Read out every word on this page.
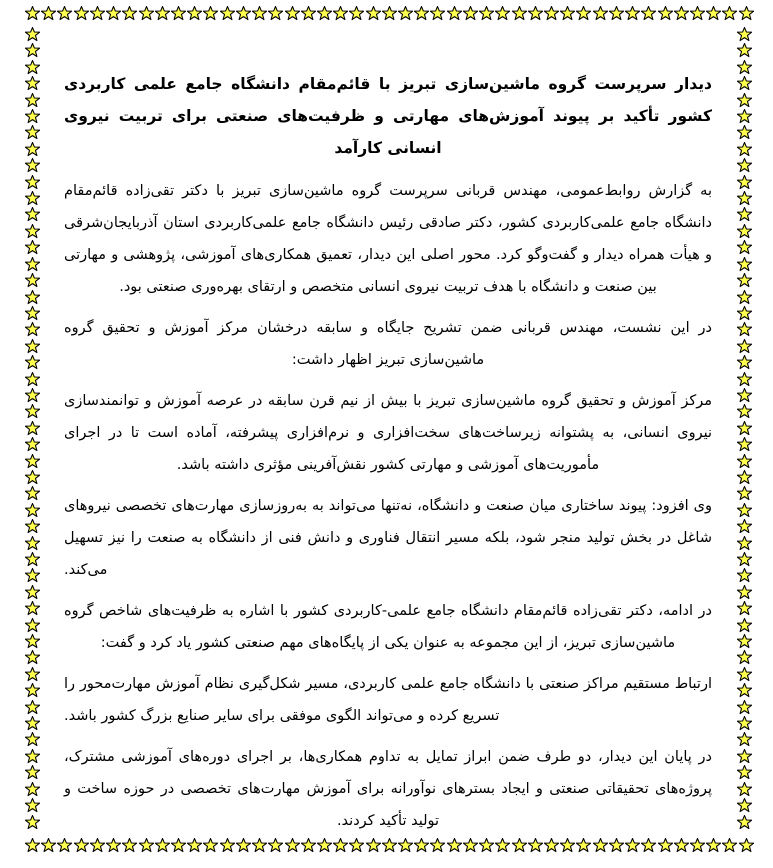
دیدار سرپرست گروه ماشین‌سازی تبریز با قائم‌مقام دانشگاه جامع علمی کاربردی کشور تأکید بر پیوند آموزش‌های مهارتی و ظرفیت‌های صنعتی برای تربیت نیروی انسانی کارآمد

به گزارش روابط‌عمومی، مهندس قربانی سرپرست گروه ماشین‌سازی تبریز با دکتر تقی‌زاده قائم‌مقام دانشگاه جامع علمی‌کاربردی کشور، دکتر صادقی رئیس دانشگاه جامع علمی‌کاربردی استان آذربایجان‌شرقی و هیأت همراه دیدار و گفت‌وگو کرد. محور اصلی این دیدار، تعمیق همکاری‌های آموزشی، پژوهشی و مهارتی بین صنعت و دانشگاه با هدف تربیت نیروی انسانی متخصص و ارتقای بهره‌وری صنعتی بود.

در این نشست، مهندس قربانی ضمن تشریح جایگاه و سابقه درخشان مرکز آموزش و تحقیق گروه ماشین‌سازی تبریز اظهار داشت:

مرکز آموزش و تحقیق گروه ماشین‌سازی تبریز با بیش از نیم قرن سابقه در عرصه آموزش و توانمندسازی نیروی انسانی، به پشتوانه زیرساخت‌های سخت‌افزاری و نرم‌افزاری پیشرفته، آماده است تا در اجرای مأموریت‌های آموزشی و مهارتی کشور نقش‌آفرینی مؤثری داشته باشد.

وی افزود: پیوند ساختاری میان صنعت و دانشگاه، نه‌تنها می‌تواند به به‌روزسازی مهارت‌های تخصصی نیروهای شاغل در بخش تولید منجر شود، بلکه مسیر انتقال فناوری و دانش فنی از دانشگاه به صنعت را نیز تسهیل می‌کند.

در ادامه، دکتر تقی‌زاده قائم‌مقام دانشگاه جامع علمی-کاربردی کشور با اشاره به ظرفیت‌های شاخص گروه ماشین‌سازی تبریز، از این مجموعه به عنوان یکی از پایگاه‌های مهم صنعتی کشور یاد کرد و گفت:

ارتباط مستقیم مراکز صنعتی با دانشگاه جامع علمی کاربردی، مسیر شکل‌گیری نظام آموزش مهارت‌محور را تسریع کرده و می‌تواند الگوی موفقی برای سایر صنایع بزرگ کشور باشد.

در پایان این دیدار، دو طرف ضمن ابراز تمایل به تداوم همکاری‌ها، بر اجرای دوره‌های آموزشی مشترک، پروژه‌های تحقیقاتی صنعتی و ایجاد بسترهای نوآورانه برای آموزش مهارت‌های تخصصی در حوزه ساخت و تولید تأکید کردند.
